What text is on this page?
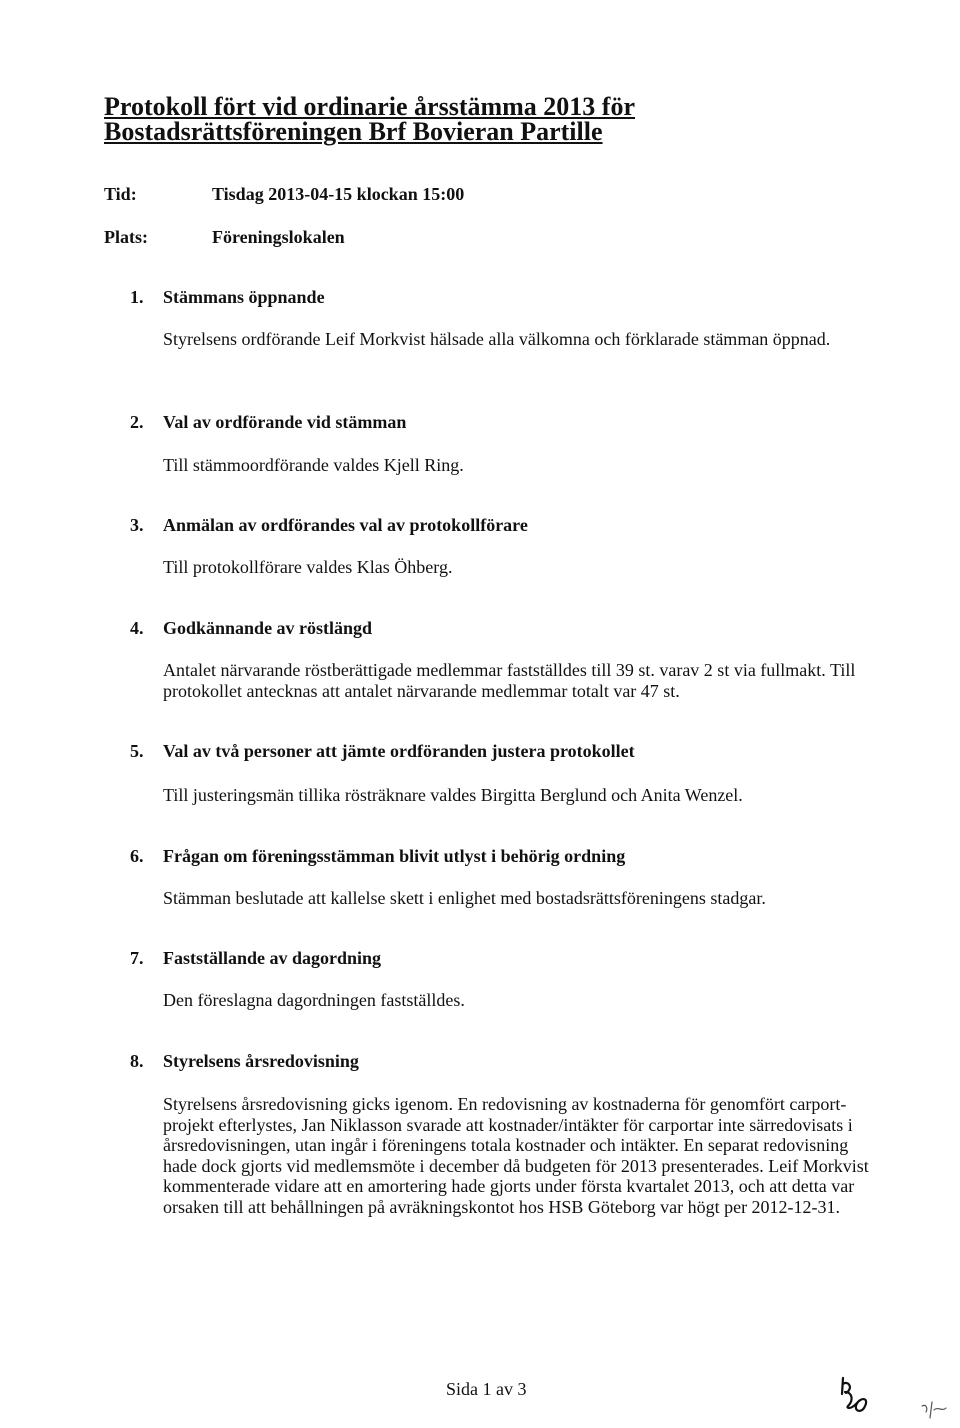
Protokoll fört vid ordinarie årsstämma 2013 för
Bostadsrättsföreningen Brf Bovieran Partille
Tid:	Tisdag 2013-04-15 klockan 15:00
Plats:	Föreningslokalen
1.	Stämmans öppnande

Styrelsens ordförande Leif Morkvist hälsade alla välkomna och förklarade stämman öppnad.

2.	Val av ordförande vid stämman

Till stämmoordförande valdes Kjell Ring.

3.	Anmälan av ordförandes val av protokollförare

Till protokollförare valdes Klas Öhberg.

4.	Godkännande av röstlängd

Antalet närvarande röstberättigade medlemmar fastställdes till 39 st. varav 2 st via fullmakt. Till protokollet antecknas att antalet närvarande medlemmar totalt var 47 st.

5.	Val av två personer att jämte ordföranden justera protokollet

Till justeringsmän tillika rösträknare valdes Birgitta Berglund och Anita Wenzel.

6.	Frågan om föreningsstämman blivit utlyst i behörig ordning

Stämman beslutade att kallelse skett i enlighet med bostadsrättsföreningens stadgar.

7.	Fastställande av dagordning

Den föreslagna dagordningen fastställdes.

8.	Styrelsens årsredovisning

Styrelsens årsredovisning gicks igenom. En redovisning av kostnaderna för genomfört carport-projekt efterlystes, Jan Niklasson svarade att kostnader/intäkter för carportar inte särredovisats i årsredovisningen, utan ingår i föreningens totala kostnader och intäkter. En separat redovisning hade dock gjorts vid medlemsmöte i december då budgeten för 2013 presenterades. Leif Morkvist kommenterade vidare att en amortering hade gjorts under första kvartalet 2013, och att detta var orsaken till att behållningen på avräkningskontot hos HSB Göteborg var högt per 2012-12-31.

Sida 1 av 3
